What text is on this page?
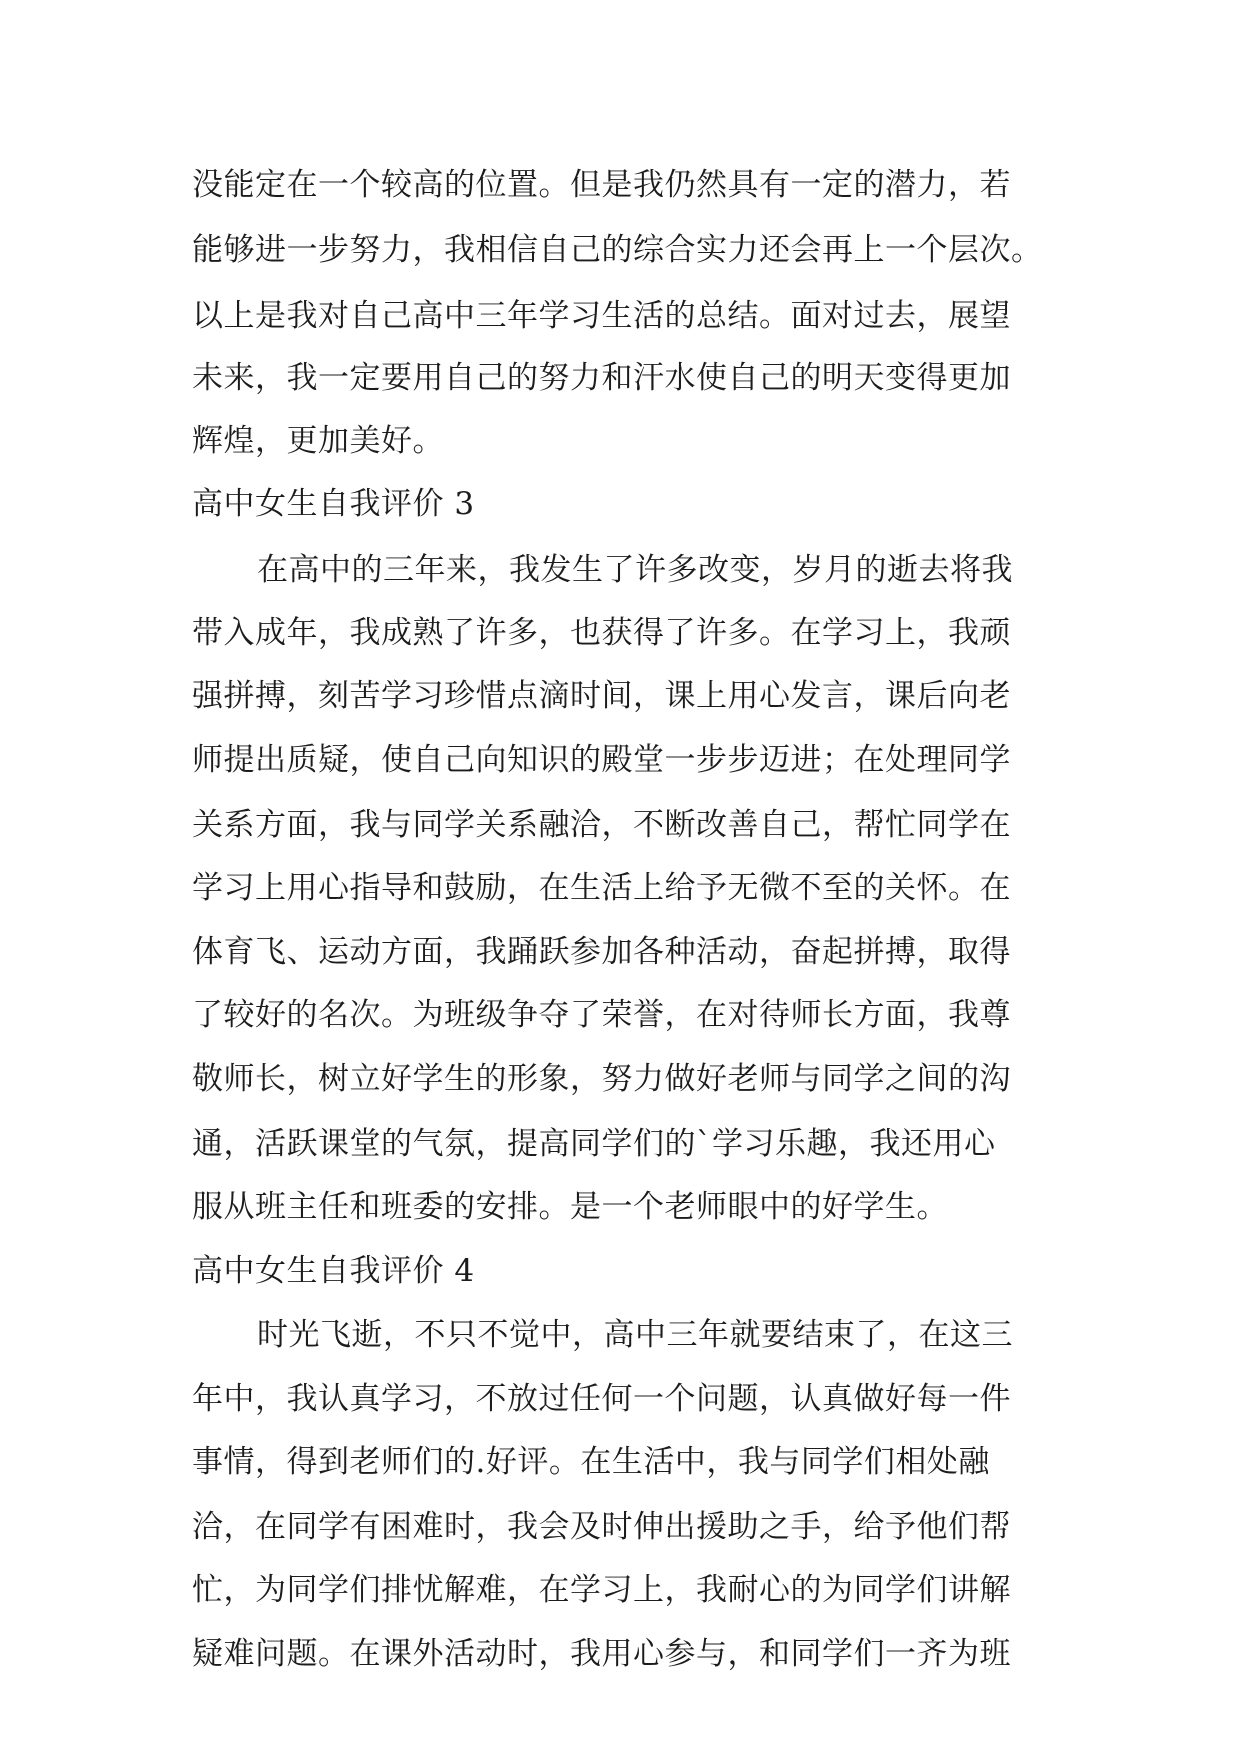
没能定在一个较高的位置。但是我仍然具有一定的潜力，若
能够进一步努力，我相信自己的综合实力还会再上一个层次。
以上是我对自己高中三年学习生活的总结。面对过去，展望
未来，我一定要用自己的努力和汗水使自己的明天变得更加
辉煌，更加美好。
高中女生自我评价 3
在高中的三年来，我发生了许多改变，岁月的逝去将我
带入成年，我成熟了许多，也获得了许多。在学习上，我顽
强拼搏，刻苦学习珍惜点滴时间，课上用心发言，课后向老
师提出质疑，使自己向知识的殿堂一步步迈进；在处理同学
关系方面，我与同学关系融洽，不断改善自己，帮忙同学在
学习上用心指导和鼓励，在生活上给予无微不至的关怀。在
体育飞、运动方面，我踊跃参加各种活动，奋起拼搏，取得
了较好的名次。为班级争夺了荣誉，在对待师长方面，我尊
敬师长，树立好学生的形象，努力做好老师与同学之间的沟
通，活跃课堂的气氛，提高同学们的`学习乐趣，我还用心
服从班主任和班委的安排。是一个老师眼中的好学生。
高中女生自我评价 4
时光飞逝，不只不觉中，高中三年就要结束了，在这三
年中，我认真学习，不放过任何一个问题，认真做好每一件
事情，得到老师们的.好评。在生活中，我与同学们相处融
洽，在同学有困难时，我会及时伸出援助之手，给予他们帮
忙，为同学们排忧解难，在学习上，我耐心的为同学们讲解
疑难问题。在课外活动时，我用心参与，和同学们一齐为班
